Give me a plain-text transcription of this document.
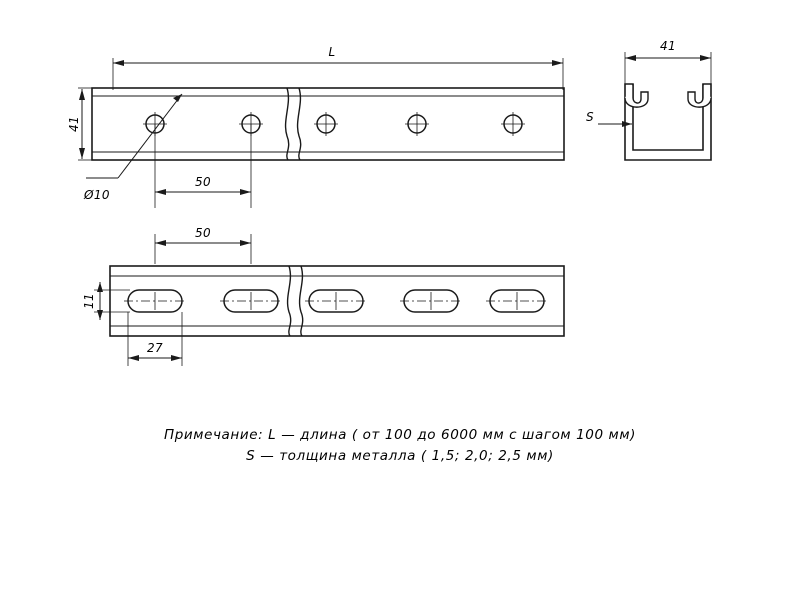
L
41
Ø10
50
41
S
50
11
27
Примечание: L — длина ( от 100 до 6000 мм с шагом 100 мм)
S — толщина металла ( 1,5; 2,0; 2,5 мм)
